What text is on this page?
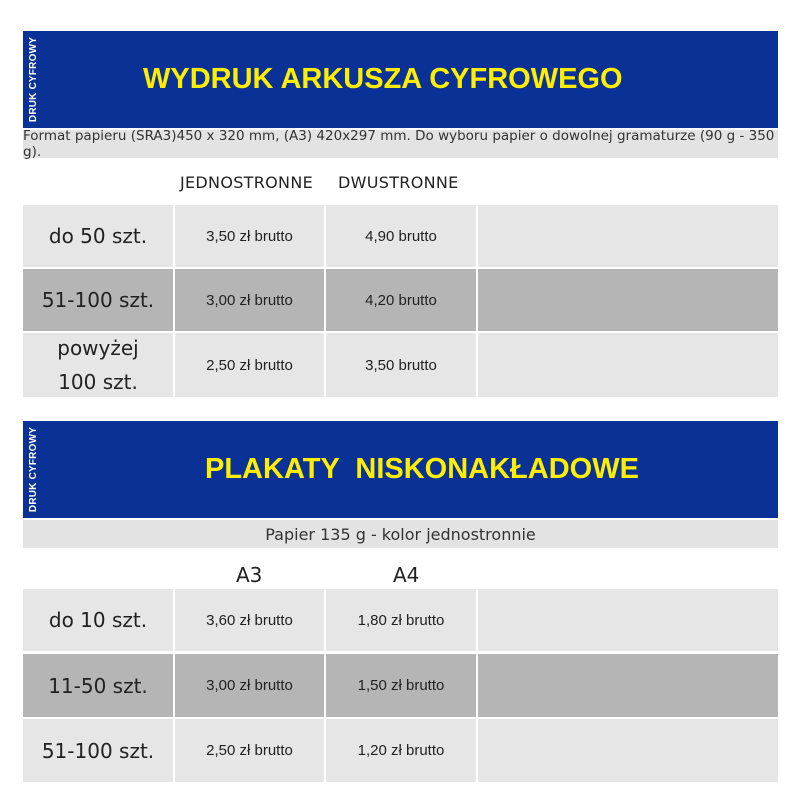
DRUK CYFROWY	WYDRUK ARKUSZA CYFROWEGO
Format papieru (SRA3)450 x 320 mm, (A3) 420x297 mm. Do wyboru papier o dowolnej gramaturze (90 g - 350 g).
JEDNOSTRONNE DWUSTRONNE
do 50 szt.	3,50 zł brutto	4,90 brutto
51-100 szt.	3,00 zł brutto	4,20 brutto
powyżej
100 szt.
2,50 zł brutto	3,50 brutto
DRUK CYFROWY	PLAKATY  NISKONAKŁADOWE
Papier 135 g - kolor jednostronnie
A3	A4
do 10 szt.	3,60 zł brutto	1,80 zł brutto
11-50 szt.	3,00 zł brutto	1,50 zł brutto
51-100 szt.	2,50 zł brutto	1,20 zł brutto
